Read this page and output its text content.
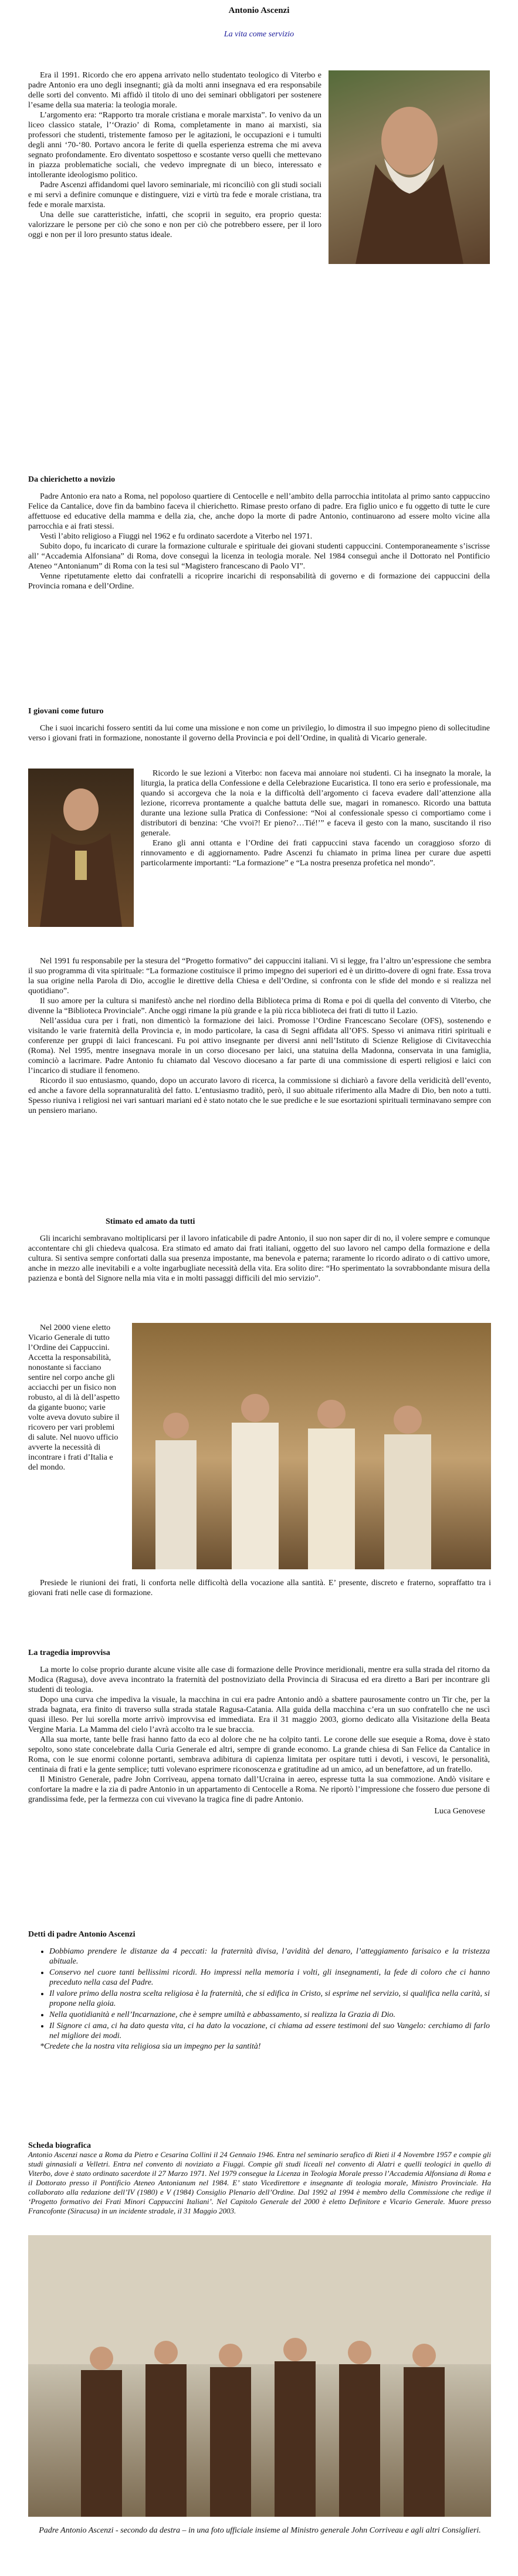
Antonio Ascenzi
La vita come servizio

Era il 1991. Ricordo che ero appena arrivato nello studentato teologico di Viterbo e padre Antonio era uno degli insegnanti; già da molti anni insegnava ed era responsabile delle sorti del convento. Mi affidò il titolo di uno dei seminari obbligatori per sostenere l’esame della sua materia: la teologia morale.

L’argomento era: “Rapporto tra morale cristiana e morale marxista”. Io venivo da un liceo classico statale, l’‘Orazio’ di Roma, completamente in mano ai marxisti, sia professori che studenti, tristemente famoso per le agitazioni, le occupazioni e i tumulti degli anni ‘70-‘80. Portavo ancora le ferite di quella esperienza estrema che mi aveva segnato profondamente. Ero diventato sospettoso e scostante verso quelli che mettevano in piazza problematiche sociali, che vedevo impregnate di un bieco, interessato e intollerante ideologismo politico.

Padre Ascenzi affidandomi quel lavoro seminariale, mi riconciliò con gli studi sociali e mi servì a definire comunque e distinguere, vizi e virtù tra fede e morale cristiana, tra fede e morale marxista.

Una delle sue caratteristiche, infatti, che scoprii in seguito, era proprio questa: valorizzare le persone per ciò che sono e non per ciò che potrebbero essere, per il loro oggi e non per il loro presunto status ideale.

Da chierichetto a novizio

Padre Antonio era nato a Roma, nel popoloso quartiere di Centocelle e nell’ambito della parrocchia intitolata al primo santo cappuccino Felice da Cantalice, dove fin da bambino faceva il chierichetto. Rimase presto orfano di padre. Era figlio unico e fu oggetto di tutte le cure affettuose ed educative della mamma e della zia, che, anche dopo la morte di padre Antonio, continuarono ad essere molto vicine alla parrocchia e ai frati stessi.

Vestì l’abito religioso a Fiuggi nel 1962 e fu ordinato sacerdote a Viterbo nel 1971.

Subito dopo, fu incaricato di curare la formazione culturale e spirituale dei giovani studenti cappuccini. Contemporaneamente s’iscrisse all’ “Accademia Alfonsiana” di Roma, dove conseguì la licenza in teologia morale. Nel 1984 conseguì anche il Dottorato nel Pontificio Ateneo “Antonianum” di Roma con la tesi sul “Magistero francescano di Paolo VI”.

Venne ripetutamente eletto dai confratelli a ricoprire incarichi di responsabilità di governo e di formazione dei cappuccini della Provincia romana e dell’Ordine.

I giovani come futuro

Che i suoi incarichi fossero sentiti da lui come una missione e non come un privilegio, lo dimostra il suo impegno pieno di sollecitudine verso i giovani frati in formazione, nonostante il governo della Provincia e poi dell’Ordine, in qualità di Vicario generale.

Ricordo le sue lezioni a Viterbo: non faceva mai annoiare noi studenti. Ci ha insegnato la morale, la liturgia, la pratica della Confessione e della Celebrazione Eucaristica. Il tono era serio e professionale, ma quando si accorgeva che la noia e la difficoltà dell’argomento ci faceva evadere dall’attenzione alla lezione, ricorreva prontamente a qualche battuta delle sue, magari in romanesco. Ricordo una battuta durante una lezione sulla Pratica di Confessione: “Noi al confessionale spesso ci comportiamo come i distributori di benzina: ‘Che vvoi?! Er pieno?…Tié!’” e faceva il gesto con la mano, suscitando il riso generale.

Erano gli anni ottanta e l’Ordine dei frati cappuccini stava facendo un coraggioso sforzo di rinnovamento e di aggiornamento. Padre Ascenzi fu chiamato in prima linea per curare due aspetti particolarmente importanti: “La formazione” e “La nostra presenza profetica nel mondo”.

Nel 1991 fu responsabile per la stesura del “Progetto formativo” dei cappuccini italiani. Vi si legge, fra l’altro un’espressione che sembra il suo programma di vita spirituale: “La formazione costituisce il primo impegno dei superiori ed è un diritto-dovere di ogni frate. Essa trova la sua origine nella Parola di Dio, accoglie le direttive della Chiesa e dell’Ordine, si confronta con le sfide del mondo e si realizza nel quotidiano”.

Il suo amore per la cultura si manifestò anche nel riordino della Biblioteca prima di Roma e poi di quella del convento di Viterbo, che divenne la “Biblioteca Provinciale”. Anche oggi rimane la più grande e la più ricca biblioteca dei frati di tutto il Lazio.

Nell’assidua cura per i frati, non dimenticò la formazione dei laici. Promosse l’Ordine Francescano Secolare (OFS), sostenendo e visitando le varie fraternità della Provincia e, in modo particolare, la casa di Segni affidata all’OFS. Spesso vi animava ritiri spirituali e conferenze per gruppi di laici francescani. Fu poi attivo insegnante per diversi anni nell’Istituto di Scienze Religiose di Civitavecchia (Roma). Nel 1995, mentre insegnava morale in un corso diocesano per laici, una statuina della Madonna, conservata in una famiglia, cominciò a lacrimare. Padre Antonio fu chiamato dal Vescovo diocesano a far parte di una commissione di esperti religiosi e laici con l’incarico di studiare il fenomeno.

Ricordo il suo entusiasmo, quando, dopo un accurato lavoro di ricerca, la commissione si dichiarò a favore della veridicità dell’evento, ed anche a favore della soprannaturalità del fatto. L’entusiasmo traditò, però, il suo abituale riferimento alla Madre di Dio, ben noto a tutti. Spesso riuniva i religiosi nei vari santuari mariani ed è stato notato che le sue prediche e le sue esortazioni spirituali terminavano sempre con un pensiero mariano.

Stimato ed amato da tutti

Gli incarichi sembravano moltiplicarsi per il lavoro infaticabile di padre Antonio, il suo non saper dir di no, il volere sempre e comunque accontentare chi gli chiedeva qualcosa. Era stimato ed amato dai frati italiani, oggetto del suo lavoro nel campo della formazione e della cultura. Si sentiva sempre confortati dalla sua presenza impostante, ma benevola e paterna; raramente lo ricordo adirato o di cattivo umore, anche in mezzo alle inevitabili e a volte ingarbugliate necessità della vita. Era solito dire: “Ho sperimentato la sovrabbondante misura della pazienza e bontà del Signore nella mia vita e in molti passaggi difficili del mio servizio”.

Nel 2000 viene eletto Vicario Generale di tutto l’Ordine dei Cappuccini. Accetta la responsabilità, nonostante si facciano sentire nel corpo anche gli acciacchi per un fisico non robusto, al di là dell’aspetto da gigante buono; varie volte aveva dovuto subire il ricovero per vari problemi di salute. Nel nuovo ufficio avverte la necessità di incontrare i frati d’Italia e del mondo.

Presiede le riunioni dei frati, li conforta nelle difficoltà della vocazione alla santità. E’ presente, discreto e fraterno, sopraffatto tra i giovani frati nelle case di formazione.

La tragedia improvvisa

La morte lo colse proprio durante alcune visite alle case di formazione delle Province meridionali, mentre era sulla strada del ritorno da Modica (Ragusa), dove aveva incontrato la fraternità del postnoviziato della Provincia di Siracusa ed era diretto a Bari per incontrare gli studenti di teologia.

Dopo una curva che impediva la visuale, la macchina in cui era padre Antonio andò a sbattere paurosamente contro un Tir che, per la strada bagnata, era finito di traverso sulla strada statale Ragusa-Catania. Alla guida della macchina c’era un suo confratello che ne uscì quasi illeso. Per lui sorella morte arrivò improvvisa ed immediata. Era il 31 maggio 2003, giorno dedicato alla Visitazione della Beata Vergine Maria. La Mamma del cielo l’avrà accolto tra le sue braccia.

Alla sua morte, tante belle frasi hanno fatto da eco al dolore che ne ha colpito tanti. Le corone delle sue esequie a Roma, dove è stato sepolto, sono state concelebrate dalla Curia Generale ed altri, sempre di grande economo. La grande chiesa di San Felice da Cantalice in Roma, con le sue enormi colonne portanti, sembrava adibitura di capienza limitata per ospitare tutti i devoti, i vescovi, le personalità, centinaia di frati e la gente semplice; tutti volevano esprimere riconoscenza e gratitudine ad un amico, ad un benefattore, ad un fratello.

Il Ministro Generale, padre John Corriveau, appena tornato dall’Ucraina in aereo, espresse tutta la sua commozione. Andò visitare e confortare la madre e la zia di padre Antonio in un appartamento di Centocelle a Roma. Ne riportò l’impressione che fossero due persone di grandissima fede, per la fermezza con cui vivevano la tragica fine di padre Antonio.

Luca Genovese
Detti di padre Antonio Ascenzi
• Dobbiamo prendere le distanze da 4 peccati: la fraternità divisa, l’avidità del denaro, l’atteggiamento farisaico e la tristezza abituale.
• Conservo nel cuore tanti bellissimi ricordi. Ho impressi nella memoria i volti, gli insegnamenti, la fede di coloro che ci hanno preceduto nella casa del Padre.
• Il valore primo della nostra scelta religiosa è la fraternità, che si edifica in Cristo, si esprime nel servizio, si qualifica nella carità, si propone nella gioia.
• Nella quotidianità e nell’Incarnazione, che è sempre umiltà e abbassamento, si realizza la Grazia di Dio.
• Il Signore ci ama, ci ha dato questa vita, ci ha dato la vocazione, ci chiama ad essere testimoni del suo Vangelo: cerchiamo di farlo nel migliore dei modi.
*Credete che la nostra vita religiosa sia un impegno per la santità!
Scheda biografica
Antonio Ascenzi nasce a Roma da Pietro e Cesarina Collini il 24 Gennaio 1946. Entra nel seminario serafico di Rieti il 4 Novembre 1957 e compie gli studi ginnasiali a Velletri. Entra nel convento di noviziato a Fiuggi. Compie gli studi liceali nel convento di Alatri e quelli teologici in quello di Viterbo, dove è stato ordinato sacerdote il 27 Marzo 1971. Nel 1979 consegue la Licenza in Teologia Morale presso l’Accademia Alfonsiana di Roma e il Dottorato presso il Pontificio Ateneo Antonianum nel 1984. E’ stato Vicedirettore e insegnante di teologia morale, Ministro Provinciale. Ha collaborato alla redazione dell’IV (1980) e V (1984) Consiglio Plenario dell’Ordine. Dal 1992 al 1994 è membro della Commissione che redige il ‘Progetto formativo dei Frati Minori Cappuccini Italiani’. Nel Capitolo Generale del 2000 è eletto Definitore e Vicario Generale. Muore presso Francofonte (Siracusa) in un incidente stradale, il 31 Maggio 2003.
Padre Antonio Ascenzi - secondo da destra – in una foto ufficiale insieme al Ministro generale John Corriveau e agli altri Consiglieri.
